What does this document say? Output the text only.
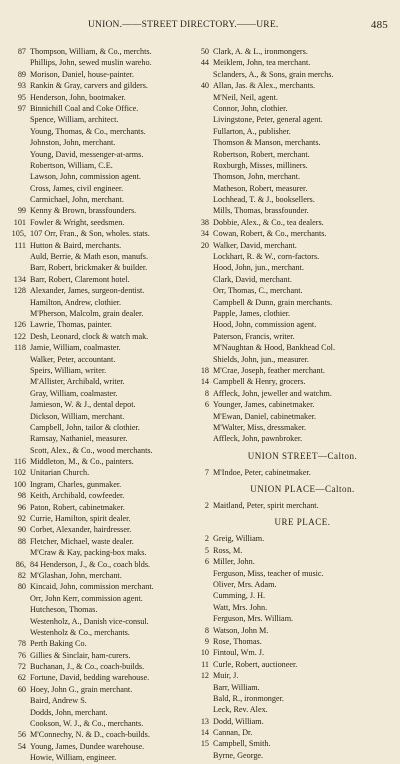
UNION.——STREET DIRECTORY.——URE.	485
87 Thompson, William, & Co., merchts.
Phillips, John, sewed muslin wareho.
89 Morison, Daniel, house-painter.
93 Rankin & Gray, carvers and gilders.
95 Henderson, John, bootmaker.
97 Binnichill Coal and Coke Office.
Spence, William, architect.
Young, Thomas, & Co., merchants.
Johnston, John, merchant.
Young, David, messenger-at-arms.
Robertson, William, C.E.
Lawson, John, commission agent.
Cross, James, civil engineer.
Carmichael, John, merchant.
99 Kenny & Brown, brassfounders.
101 Fowler & Wright, seedsmen.
105, 107 Orr, Fran., & Son, wholes. stats.
111 Hutton & Baird, merchants.
Auld, Berrie, & Math eson, manufs.
Barr, Robert, brickmaker & builder.
134 Barr, Robert, Claremont hotel.
128 Alexander, James, surgeon-dentist.
Hamilton, Andrew, clothier.
M'Pherson, Malcolm, grain dealer.
126 Lawrie, Thomas, painter.
122 Desh, Leonard, clock & watch mak.
118 Jamie, William, coalmaster.
Walker, Peter, accountant.
Speirs, William, writer.
M'Allister, Archibald, writer.
Gray, William, coalmaster.
Jamieson, W. & J., dental depot.
Dickson, William, merchant.
Campbell, John, tailor & clothier.
Ramsay, Nathaniel, measurer.
Scott, Alex., & Co., wood merchants.
116 Middleton, M., & Co., painters.
102 Unitarian Church.
100 Ingram, Charles, gunmaker.
98 Keith, Archibald, cowfeeder.
96 Paton, Robert, cabinetmaker.
92 Currie, Hamilton, spirit dealer.
90 Corbet, Alexander, hairdresser.
88 Fletcher, Michael, waste dealer.
M'Craw & Kay, packing-box maks.
86, 84 Henderson, J., & Co., coach blds.
82 M'Glashan, John, merchant.
80 Kincaid, John, commission merchant.
Orr, John Kerr, commission agent.
Hutcheson, Thomas.
Westenholz, A., Danish vice-consul.
Westenholz & Co., merchants.
78 Perth Baking Co.
76 Gillies & Sinclair, ham-curers.
72 Buchanan, J., & Co., coach-builds.
62 Fortune, David, bedding warehouse.
60 Hoey, John G., grain merchant.
Baird, Andrew S.
Dodds, John, merchant.
Cookson, W. J., & Co., merchants.
56 M'Connechy, N. & D., coach-builds.
54 Young, James, Dundee warehouse.
Howie, William, engineer.
50 Clark, A. & L., ironmongers.
44 Meiklem, John, tea merchant.
Sclanders, A., & Sons, grain merchs.
40 Allan, Jas. & Alex., merchants.
M'Neil, Neil, agent.
Connor, John, clothier.
Livingstone, Peter, general agent.
Fullarton, A., publisher.
Thomson & Manson, merchants.
Robertson, Robert, merchant.
Roxburgh, Misses, milliners.
Thomson, John, merchant.
Matheson, Robert, measurer.
Lochhead, T. & J., booksellers.
Mills, Thomas, brassfounder.
38 Dobbie, Alex., & Co., tea dealers.
34 Cowan, Robert, & Co., merchants.
20 Walker, David, merchant.
Lockhart, R. & W., corn-factors.
Hood, John, jun., merchant.
Clark, David, merchant.
Orr, Thomas, C., merchant.
Campbell & Dunn, grain merchants.
Papple, James, clothier.
Hood, John, commission agent.
Paterson, Francis, writer.
M'Naughtan & Hood, Bankhead Col.
Shields, John, jun., measurer.
18 M'Crae, Joseph, feather merchant.
14 Campbell & Henry, grocers.
8 Affleck, John, jeweller and watchm.
6 Younger, James, cabinetmaker.
M'Ewan, Daniel, cabinetmaker.
M'Walter, Miss, dressmaker.
Affleck, John, pawnbroker.
UNION STREET—Calton.
7 M'Indoe, Peter, cabinetmaker.
UNION PLACE—Calton.
2 Maitland, Peter, spirit merchant.
URE PLACE.
2 Greig, William.
5 Ross, M.
6 Miller, John.
Ferguson, Miss, teacher of music.
Oliver, Mrs. Adam.
Cumming, J. H.
Watt, Mrs. John.
Ferguson, Mrs. William.
8 Watson, John M.
9 Rose, Thomas.
10 Fintoul, Wm. J.
11 Curle, Robert, auctioneer.
12 Muir, J.
Barr, William.
Bald, R., ironmonger.
Leck, Rev. Alex.
13 Dodd, William.
14 Cannan, Dr.
15 Campbell, Smith.
Byrne, George.
